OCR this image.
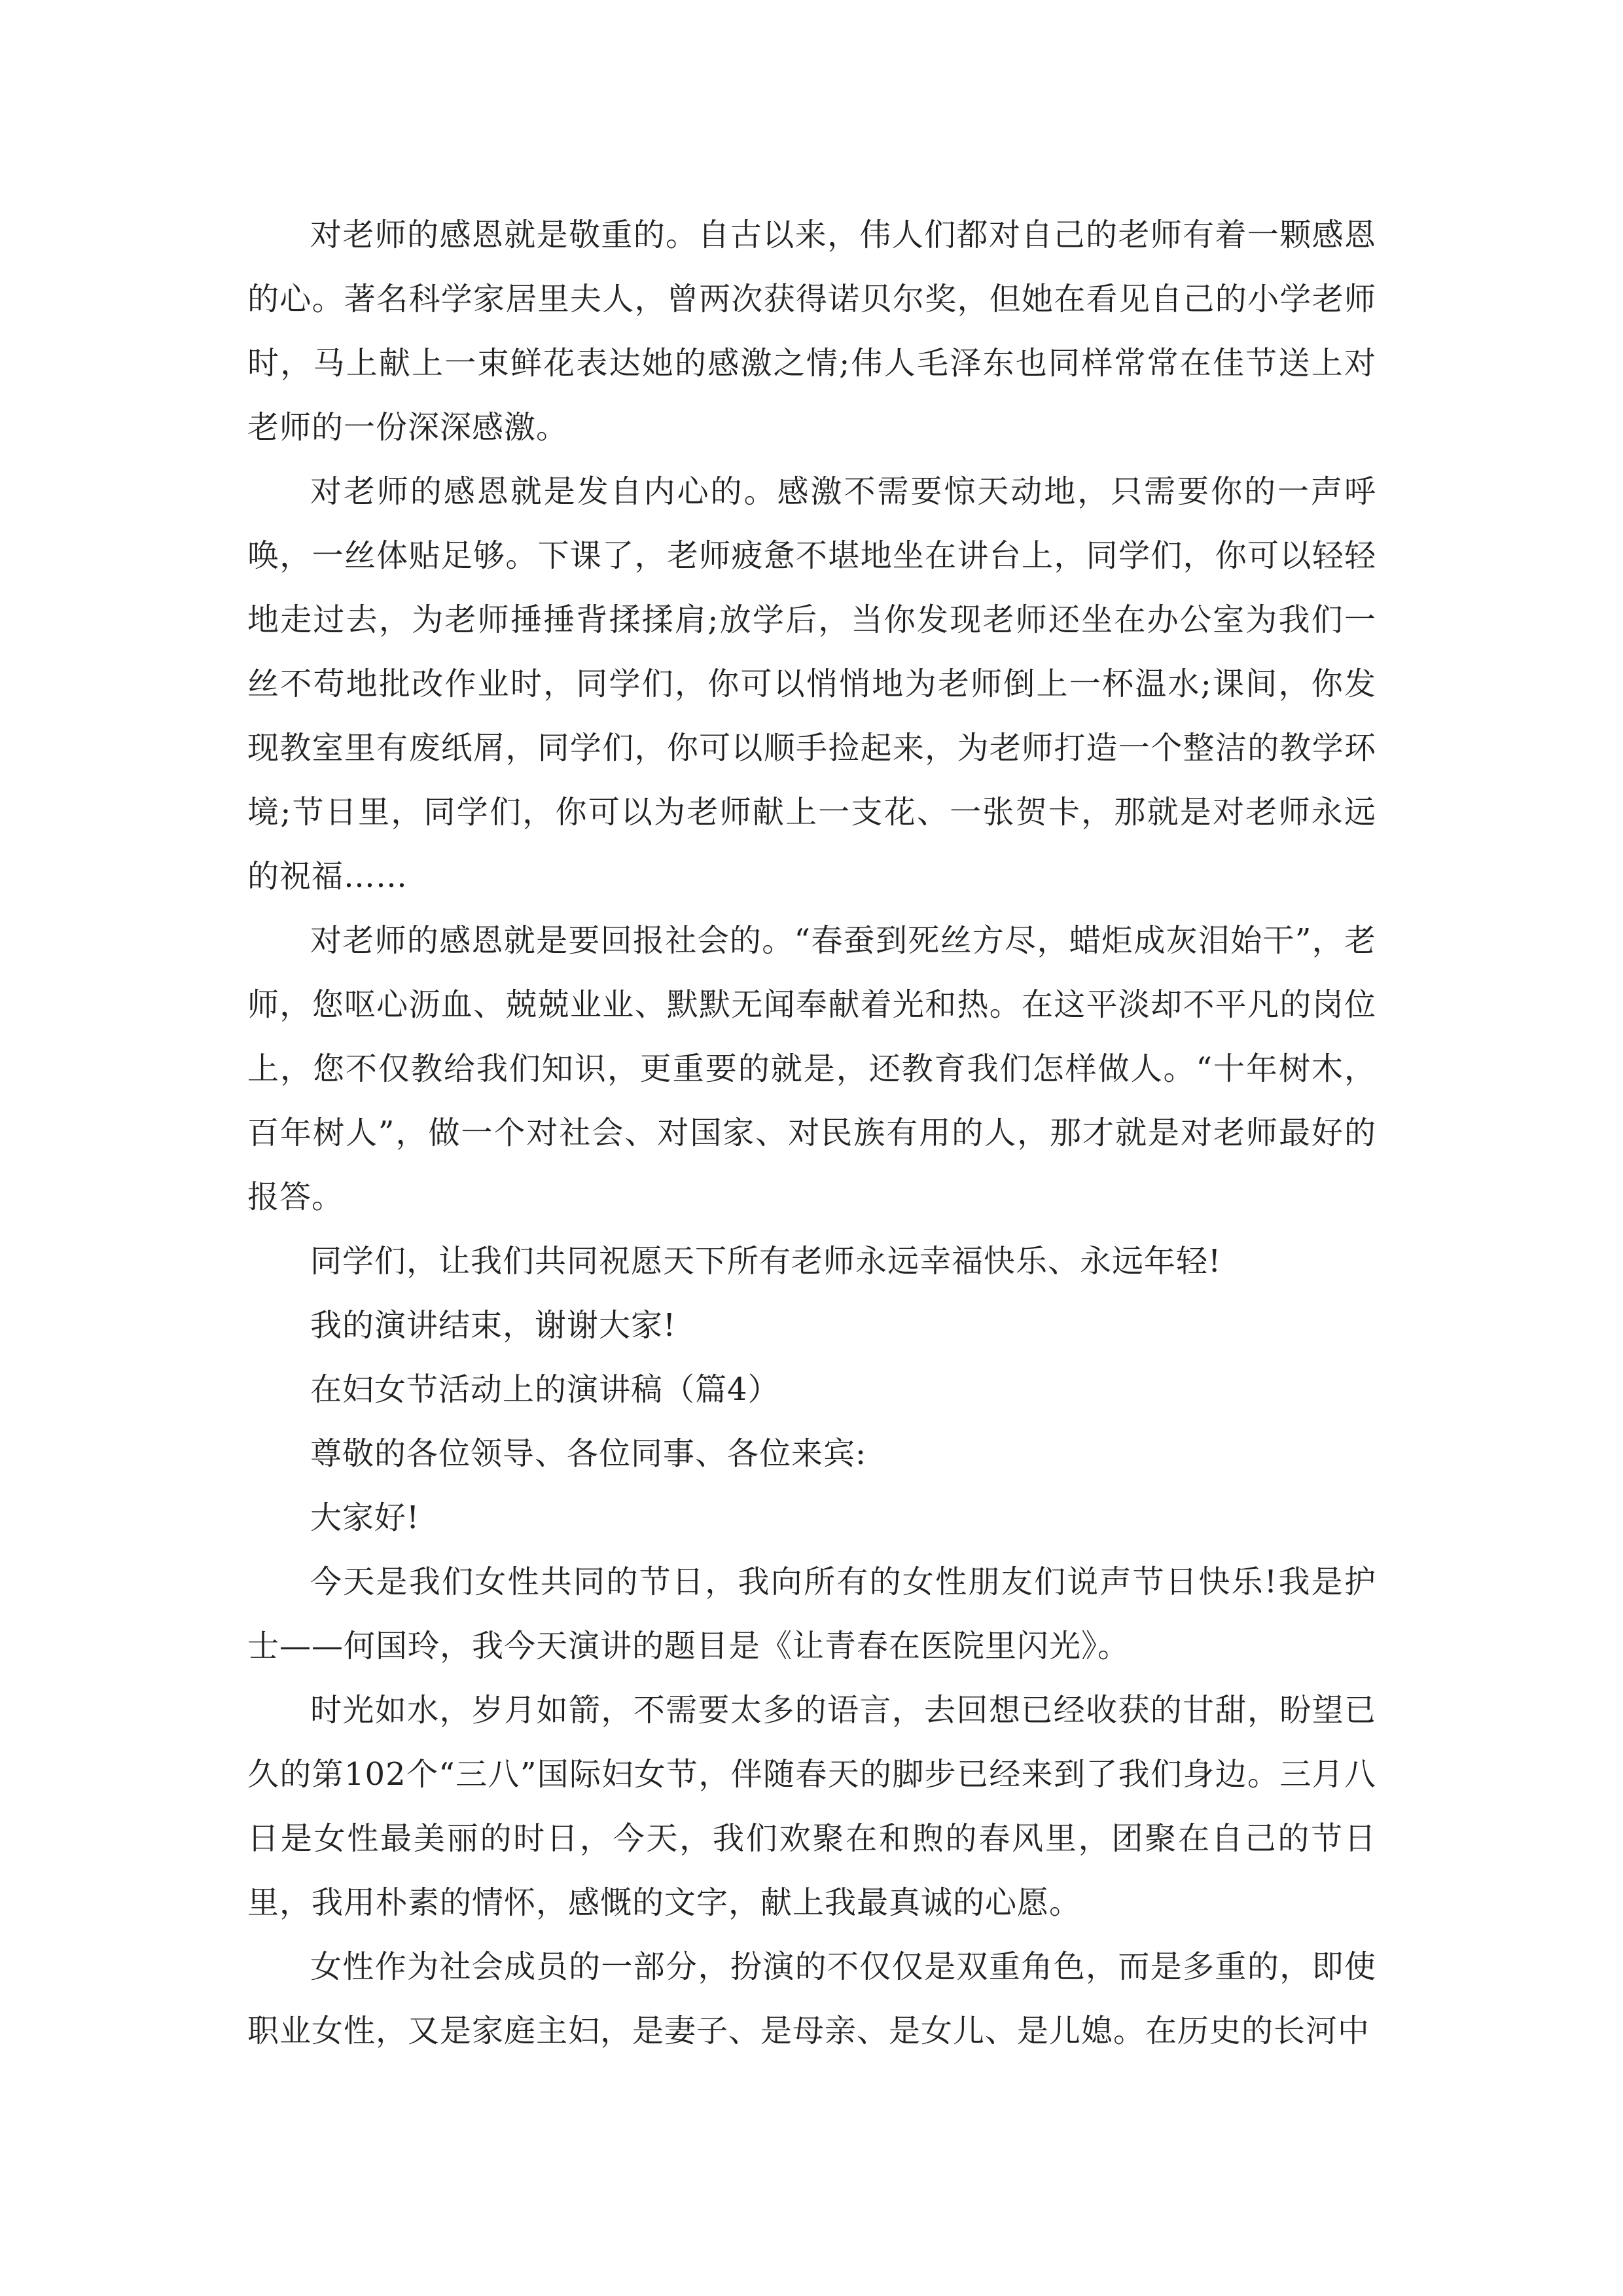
对老师的感恩就是敬重的。自古以来，伟人们都对自己的老师有着一颗感恩的心。著名科学家居里夫人，曾两次获得诺贝尔奖，但她在看见自己的小学老师时，马上献上一束鲜花表达她的感激之情;伟人毛泽东也同样常常在佳节送上对老师的一份深深感激。

对老师的感恩就是发自内心的。感激不需要惊天动地，只需要你的一声呼唤，一丝体贴足够。下课了，老师疲惫不堪地坐在讲台上，同学们，你可以轻轻地走过去，为老师捶捶背揉揉肩;放学后，当你发现老师还坐在办公室为我们一丝不苟地批改作业时，同学们，你可以悄悄地为老师倒上一杯温水;课间，你发现教室里有废纸屑，同学们，你可以顺手捡起来，为老师打造一个整洁的教学环境;节日里，同学们，你可以为老师献上一支花、一张贺卡，那就是对老师永远的祝福……

对老师的感恩就是要回报社会的。“春蚕到死丝方尽，蜡炬成灰泪始干”，老师，您呕心沥血、兢兢业业、默默无闻奉献着光和热。在这平淡却不平凡的岗位上，您不仅教给我们知识，更重要的就是，还教育我们怎样做人。“十年树木，百年树人”，做一个对社会、对国家、对民族有用的人，那才就是对老师最好的报答。

同学们，让我们共同祝愿天下所有老师永远幸福快乐、永远年轻!

我的演讲结束，谢谢大家!

在妇女节活动上的演讲稿（篇4）

尊敬的各位领导、各位同事、各位来宾:

大家好!

今天是我们女性共同的节日，我向所有的女性朋友们说声节日快乐!我是护士——何国玲，我今天演讲的题目是《让青春在医院里闪光》。

时光如水，岁月如箭，不需要太多的语言，去回想已经收获的甘甜，盼望已久的第102个“三八”国际妇女节，伴随春天的脚步已经来到了我们身边。三月八日是女性最美丽的时日，今天，我们欢聚在和煦的春风里，团聚在自己的节日里，我用朴素的情怀，感慨的文字，献上我最真诚的心愿。

女性作为社会成员的一部分，扮演的不仅仅是双重角色，而是多重的，即使职业女性，又是家庭主妇，是妻子、是母亲、是女儿、是儿媳。在历史的长河中
